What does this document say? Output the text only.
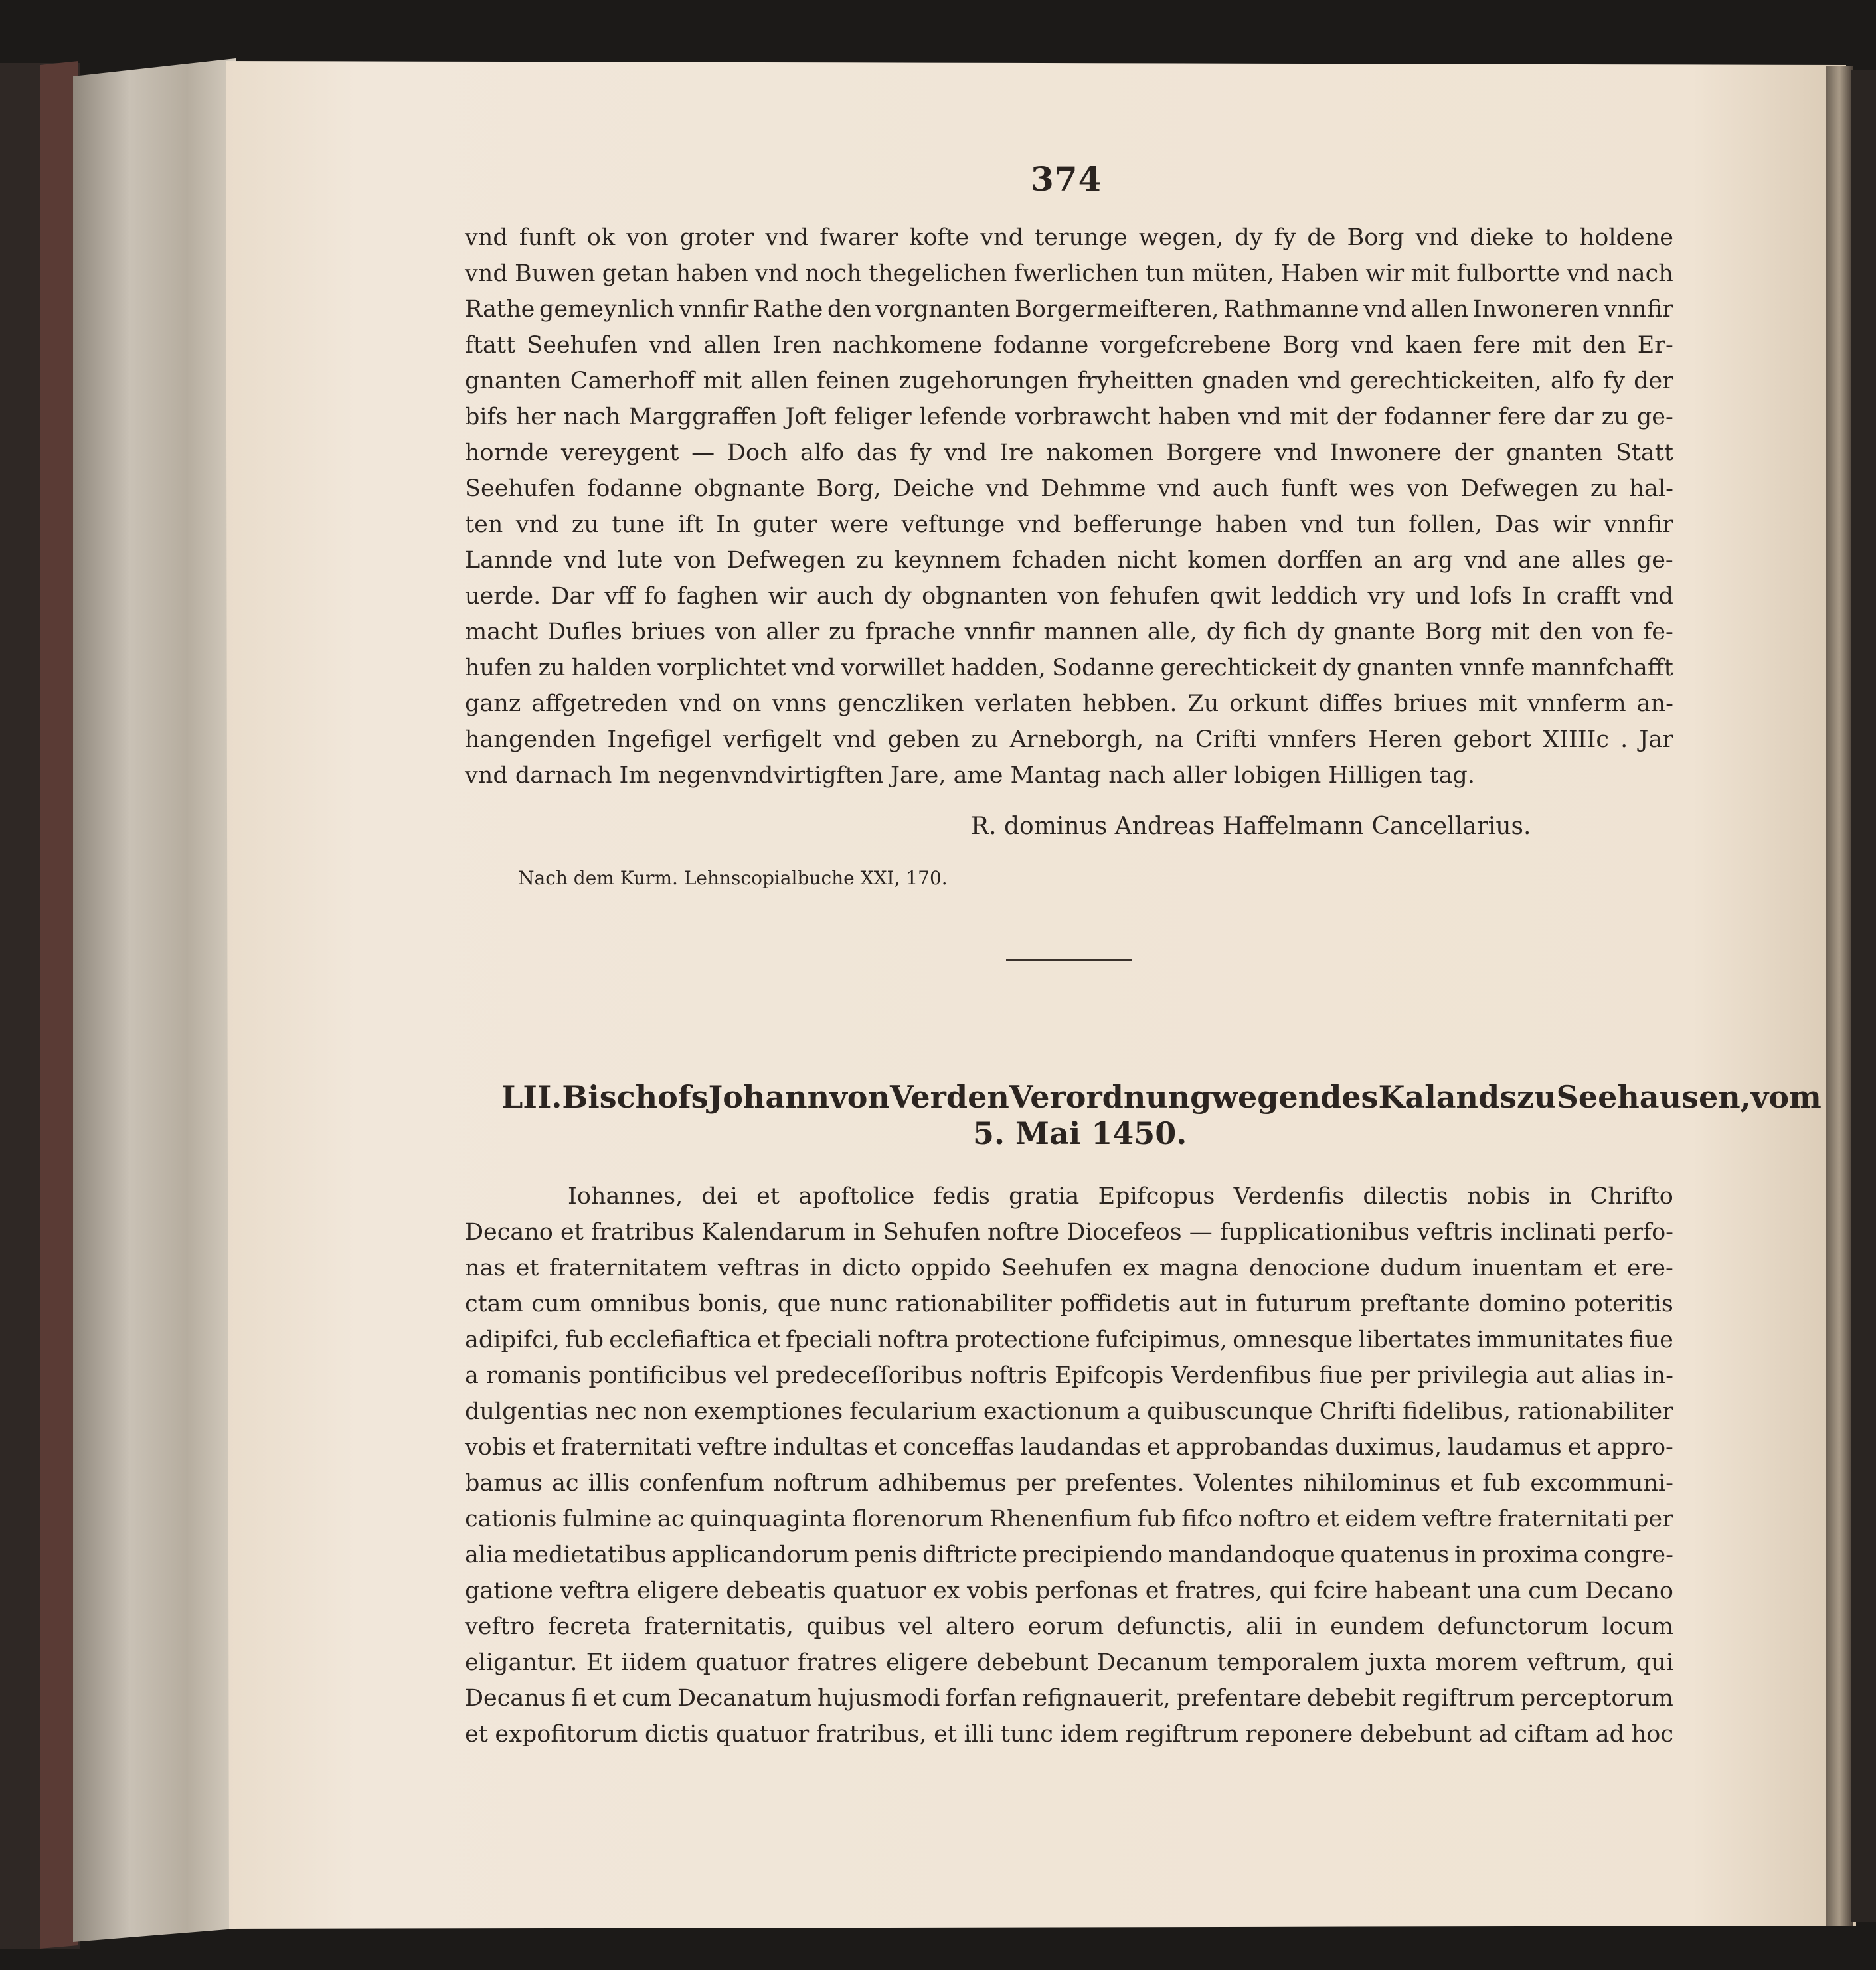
374
vnd funft ok von groter vnd fwarer kofte vnd terunge wegen, dy fy de Borg vnd dieke to holdene
vnd Buwen getan haben vnd noch thegelichen fwerlichen tun müten, Haben wir mit fulbortte vnd nach
Rathe gemeynlich vnnfir Rathe den vorgnanten Borgermeifteren, Rathmanne vnd allen Inwoneren vnnfir
ftatt Seehufen vnd allen Iren nachkomene fodanne vorgefcrebene Borg vnd kaen fere mit den Er-
gnanten Camerhoff mit allen feinen zugehorungen fryheitten gnaden vnd gerechtickeiten, alfo fy der
bifs her nach Marggraffen Joft feliger lefende vorbrawcht haben vnd mit der fodanner fere dar zu ge-
hornde vereygent — Doch alfo das fy vnd Ire nakomen Borgere vnd Inwonere der gnanten Statt
Seehufen fodanne obgnante Borg, Deiche vnd Dehmme vnd auch funft wes von Defwegen zu hal-
ten vnd zu tune ift In guter were veftunge vnd befferunge haben vnd tun follen, Das wir vnnfir
Lannde vnd lute von Defwegen zu keynnem fchaden nicht komen dorffen an arg vnd ane alles ge-
uerde. Dar vff fo faghen wir auch dy obgnanten von fehufen qwit leddich vry und lofs In crafft vnd
macht Dufles briues von aller zu fprache vnnfir mannen alle, dy fich dy gnante Borg mit den von fe-
hufen zu halden vorplichtet vnd vorwillet hadden, Sodanne gerechtickeit dy gnanten vnnfe mannfchafft
ganz affgetreden vnd on vnns genczliken verlaten hebben. Zu orkunt diffes briues mit vnnferm an-
hangenden Ingefigel verfigelt vnd geben zu Arneborgh, na Crifti vnnfers Heren gebort XIIIIc . Jar
vnd darnach Im negenvndvirtigften Jare, ame Mantag nach aller lobigen Hilligen tag.
R. dominus Andreas Haffelmann Cancellarius.
Nach dem Kurm. Lehnscopialbuche XXI, 170.
LII. Bischofs Johann von Verden Verordnung wegen des Kalands zu Seehausen, vom
5. Mai 1450.
Iohannes, dei et apoftolice fedis gratia Epifcopus Verdenfis dilectis nobis in Chrifto
Decano et fratribus Kalendarum in Sehufen noftre Diocefeos — fupplicationibus veftris inclinati perfo-
nas et fraternitatem veftras in dicto oppido Seehufen ex magna denocione dudum inuentam et ere-
ctam cum omnibus bonis, que nunc rationabiliter poffidetis aut in futurum preftante domino poteritis
adipifci, fub ecclefiaftica et fpeciali noftra protectione fufcipimus, omnesque libertates immunitates fiue
a romanis pontificibus vel predeceſſoribus noftris Epifcopis Verdenfibus fiue per privilegia aut alias in-
dulgentias nec non exemptiones fecularium exactionum a quibuscunque Chrifti fidelibus, rationabiliter
vobis et fraternitati veftre indultas et conceffas laudandas et approbandas duximus, laudamus et appro-
bamus ac illis confenfum noftrum adhibemus per prefentes. Volentes nihilominus et fub excommuni-
cationis fulmine ac quinquaginta florenorum Rhenenfium fub fifco noftro et eidem veftre fraternitati per
alia medietatibus applicandorum penis diftricte precipiendo mandandoque quatenus in proxima congre-
gatione veftra eligere debeatis quatuor ex vobis perfonas et fratres, qui fcire habeant una cum Decano
veftro fecreta fraternitatis, quibus vel altero eorum defunctis, alii in eundem defunctorum locum
eligantur. Et iidem quatuor fratres eligere debebunt Decanum temporalem juxta morem veftrum, qui
Decanus fi et cum Decanatum hujusmodi forfan refignauerit, prefentare debebit regiftrum perceptorum
et expofitorum dictis quatuor fratribus, et illi tunc idem regiftrum reponere debebunt ad ciftam ad hoc
